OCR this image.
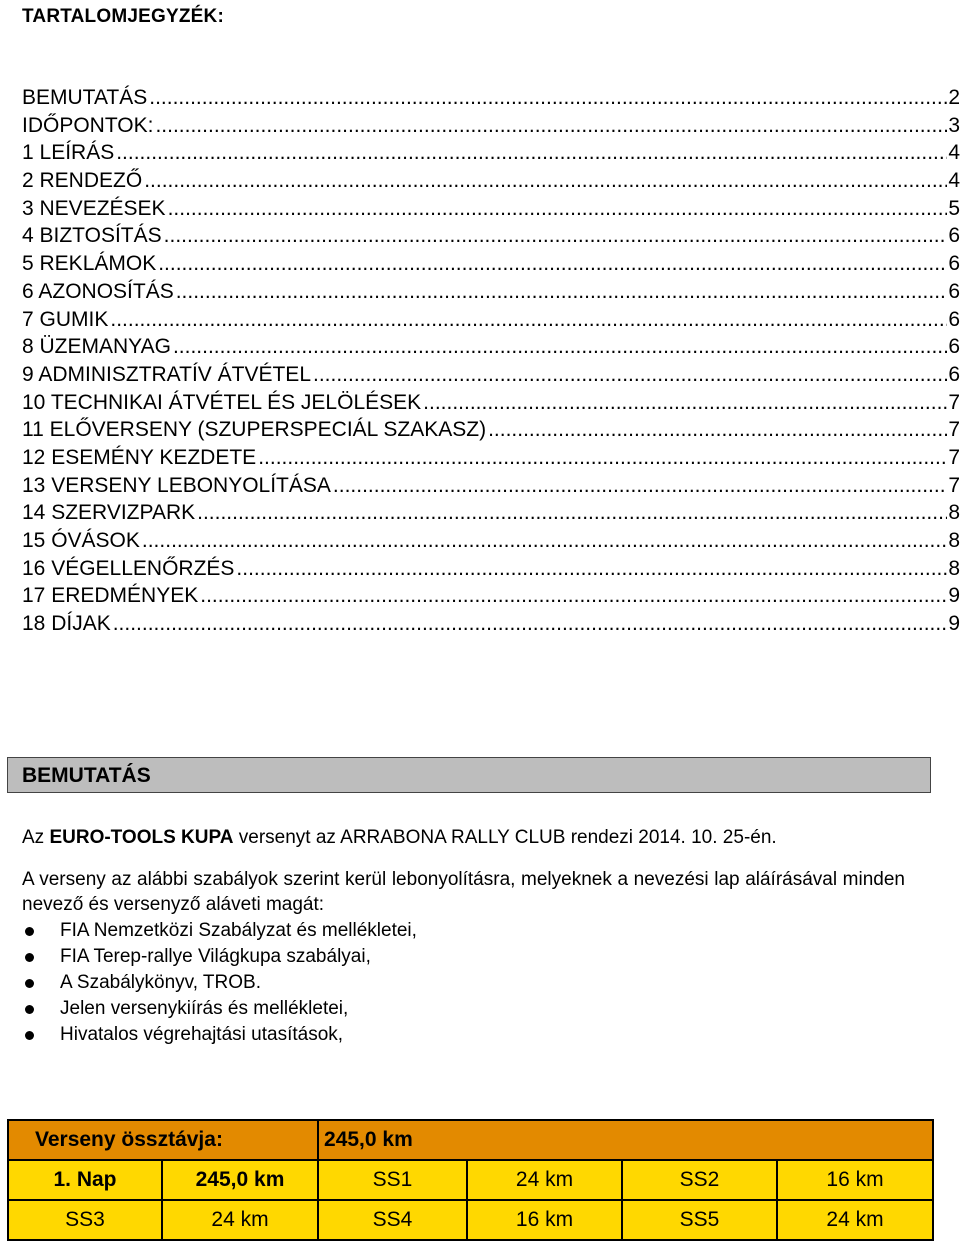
TARTALOMJEGYZÉK:
BEMUTATÁS .....	2
IDŐPONTOK: .....	3
1 LEÍRÁS .....	4
2 RENDEZŐ .....	4
3 NEVEZÉSEK .....	5
4 BIZTOSÍTÁS .....	6
5 REKLÁMOK .....	6
6 AZONOSÍTÁS .....	6
7 GUMIK .....	6
8 ÜZEMANYAG .....	6
9 ADMINISZTRATÍV ÁTVÉTEL .....	6
10 TECHNIKAI ÁTVÉTEL ÉS JELÖLÉSEK .....	7
11 ELŐVERSENY (SZUPERSPECIÁL SZAKASZ) .....	7
12 ESEMÉNY KEZDETE .....	7
13 VERSENY LEBONYOLÍTÁSA .....	7
14 SZERVIZPARK .....	8
15 ÓVÁSOK .....	8
16 VÉGELLENŐRZÉS .....	8
17 EREDMÉNYEK .....	9
18 DÍJAK .....	9
BEMUTATÁS
Az EURO-TOOLS KUPA versenyt az ARRABONA RALLY CLUB rendezi 2014. 10. 25-én.
A verseny az alábbi szabályok szerint kerül lebonyolításra, melyeknek a nevezési lap aláírásával minden nevező és versenyző aláveti magát:
FIA Nemzetközi Szabályzat és mellékletei,
FIA Terep-rallye Világkupa szabályai,
A Szabálykönyv, TROB.
Jelen versenykiírás és mellékletei,
Hivatalos végrehajtási utasítások,
Verseny össztávja:		245,0 km			
1. Nap	245,0 km	SS1	24 km	SS2	16 km
SS3	24 km	SS4	16 km	SS5	24 km
